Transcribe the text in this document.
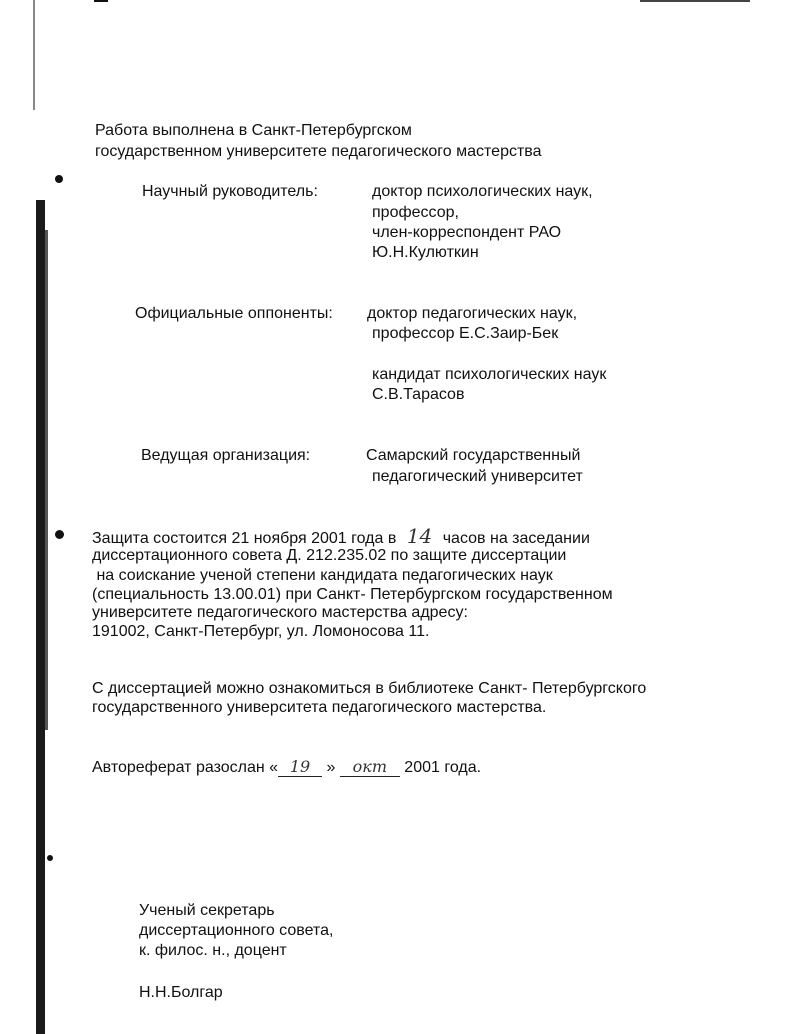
Работа выполнена в Санкт-Петербургском
государственном университете педагогического мастерства
Научный руководитель:	доктор психологических наук,
профессор,
член-корреспондент РАО
Ю.Н.Кулюткин
Официальные оппоненты: доктор педагогических наук,
профессор Е.С.Заир-Бек
кандидат психологических наук
С.В.Тарасов
Ведущая организация:	Самарский государственный
педагогический университет
Защита состоится 21 ноября 2001 года в 14 часов на заседании
диссертационного совета Д. 212.235.02 по защите диссертации
на соискание ученой степени кандидата педагогических наук
(специальность 13.00.01) при Санкт- Петербургском государственном
университете педагогического мастерства адресу:
191002, Санкт-Петербург, ул. Ломоносова 11.
С диссертацией можно ознакомиться в библиотеке Санкт- Петербургского
государственного университета педагогического мастерства.
Автореферат разослан « 19 » окт 2001 года.
Ученый секретарь
диссертационного совета,
к. филос. н., доцент
Н.Н.Болгар
